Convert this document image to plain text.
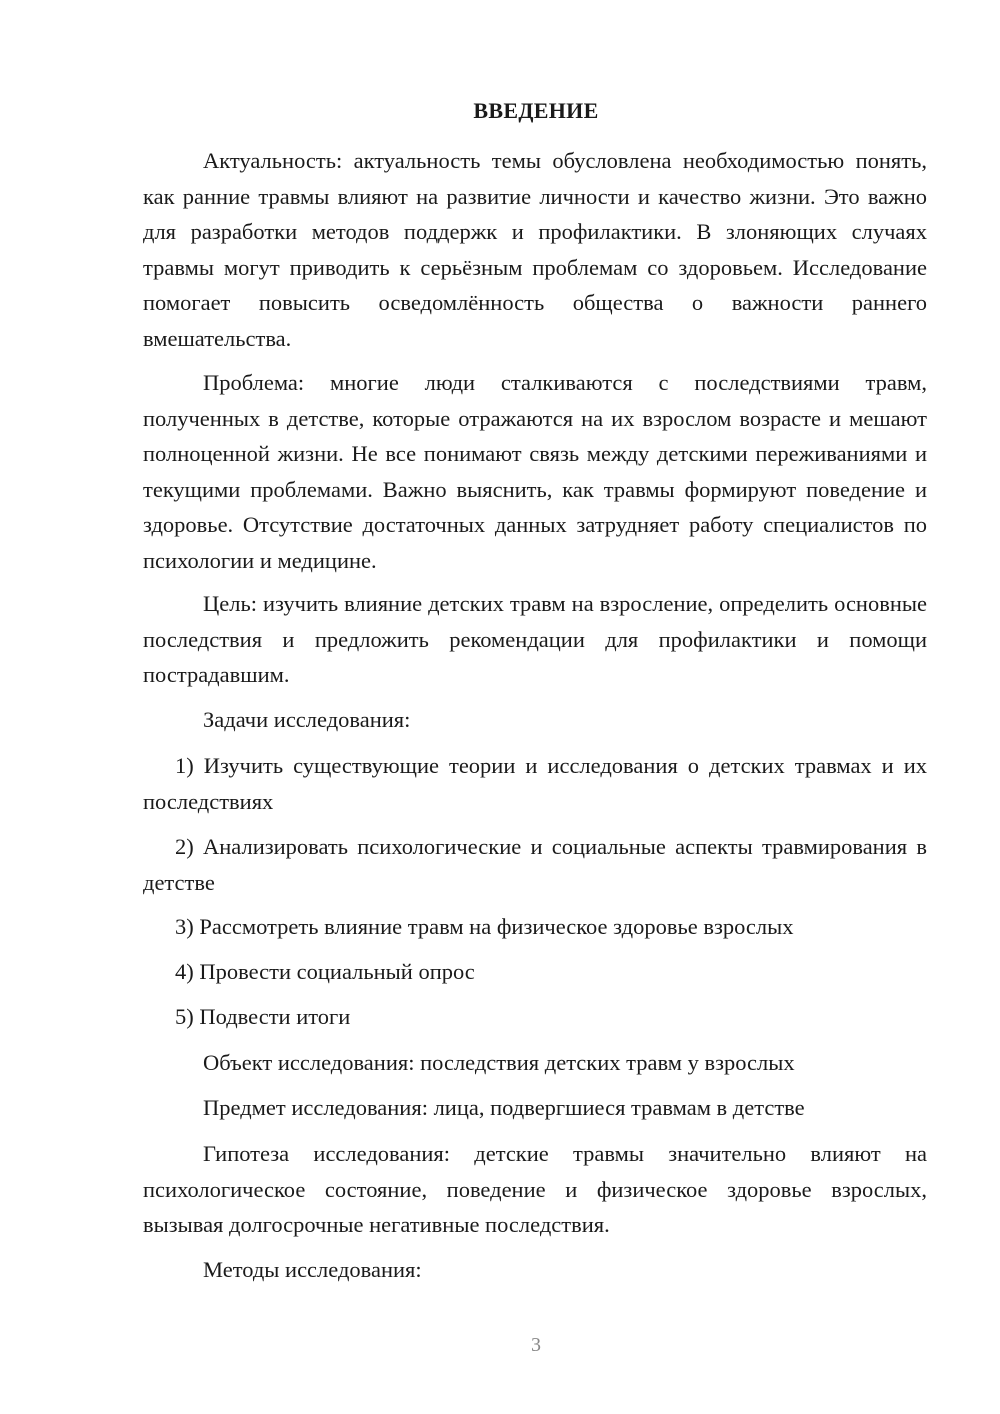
ВВЕДЕНИЕ

Актуальность: актуальность темы обусловлена необходимостью понять, как ранние травмы влияют на развитие личности и качество жизни. Это важно для разработки методов поддержк и профилактики. В злоняющих случаях травмы могут приводить к серьёзным проблемам со здоровьем. Исследование помогает повысить осведомлённость общества о важности раннего вмешательства.

Проблема: многие люди сталкиваются с последствиями травм, полученных в детстве, которые отражаются на их взрослом возрасте и мешают полноценной жизни. Не все понимают связь между детскими переживаниями и текущими проблемами. Важно выяснить, как травмы формируют поведение и здоровье. Отсутствие достаточных данных затрудняет работу специалистов по психологии и медицине.

Цель: изучить влияние детских травм на взросление, определить основные последствия и предложить рекомендации для профилактики и помощи пострадавшим.

Задачи исследования:

1) Изучить существующие теории и исследования о детских травмах и их последствиях

2) Анализировать психологические и социальные аспекты травмирования в детстве

3) Рассмотреть влияние травм на физическое здоровье взрослых

4) Провести социальный опрос

5) Подвести итоги

Объект исследования: последствия детских травм у взрослых

Предмет исследования: лица, подвергшиеся травмам в детстве

Гипотеза исследования: детские травмы значительно влияют на психологическое состояние, поведение и физическое здоровье взрослых, вызывая долгосрочные негативные последствия.

Методы исследования:

3
